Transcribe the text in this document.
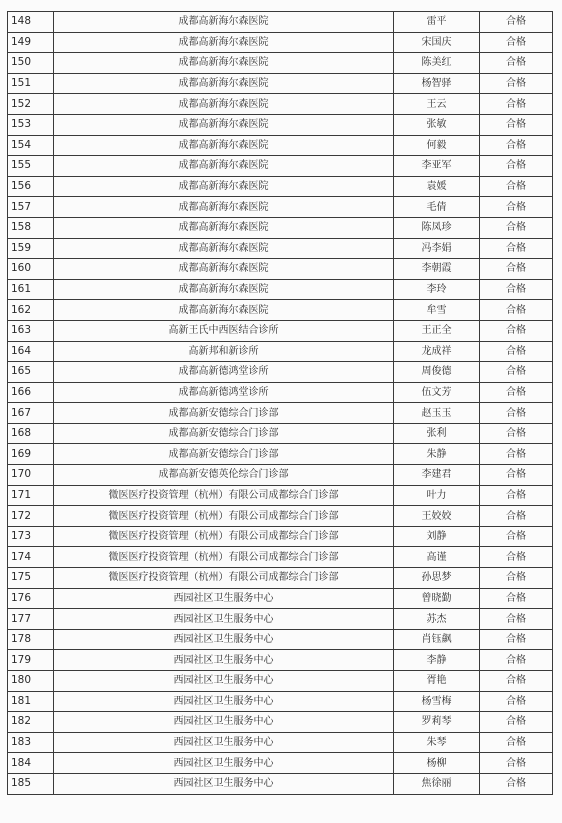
148	成都高新海尔森医院	雷平	合格
149	成都高新海尔森医院	宋国庆	合格
150	成都高新海尔森医院	陈美红	合格
151	成都高新海尔森医院	杨智驿	合格
152	成都高新海尔森医院	王云	合格
153	成都高新海尔森医院	张敏	合格
154	成都高新海尔森医院	何毅	合格
155	成都高新海尔森医院	李亚军	合格
156	成都高新海尔森医院	袁媛	合格
157	成都高新海尔森医院	毛倩	合格
158	成都高新海尔森医院	陈凤珍	合格
159	成都高新海尔森医院	冯李娟	合格
160	成都高新海尔森医院	李朝霞	合格
161	成都高新海尔森医院	李玲	合格
162	成都高新海尔森医院	牟雪	合格
163	高新王氏中西医结合诊所	王正全	合格
164	高新邦和新诊所	龙成祥	合格
165	成都高新德鸿堂诊所	周俊德	合格
166	成都高新德鸿堂诊所	伍文芳	合格
167	成都高新安德综合门诊部	赵玉玉	合格
168	成都高新安德综合门诊部	张利	合格
169	成都高新安德综合门诊部	朱静	合格
170	成都高新安德英伦综合门诊部	李建君	合格
171	微医医疗投资管理（杭州）有限公司成都综合门诊部	叶力	合格
172	微医医疗投资管理（杭州）有限公司成都综合门诊部	王姣姣	合格
173	微医医疗投资管理（杭州）有限公司成都综合门诊部	刘静	合格
174	微医医疗投资管理（杭州）有限公司成都综合门诊部	高谨	合格
175	微医医疗投资管理（杭州）有限公司成都综合门诊部	孙思梦	合格
176	西园社区卫生服务中心	曾晓勤	合格
177	西园社区卫生服务中心	苏杰	合格
178	西园社区卫生服务中心	肖钰飙	合格
179	西园社区卫生服务中心	李静	合格
180	西园社区卫生服务中心	胥艳	合格
181	西园社区卫生服务中心	杨雪梅	合格
182	西园社区卫生服务中心	罗莉琴	合格
183	西园社区卫生服务中心	朱琴	合格
184	西园社区卫生服务中心	杨柳	合格
185	西园社区卫生服务中心	焦徐丽	合格
